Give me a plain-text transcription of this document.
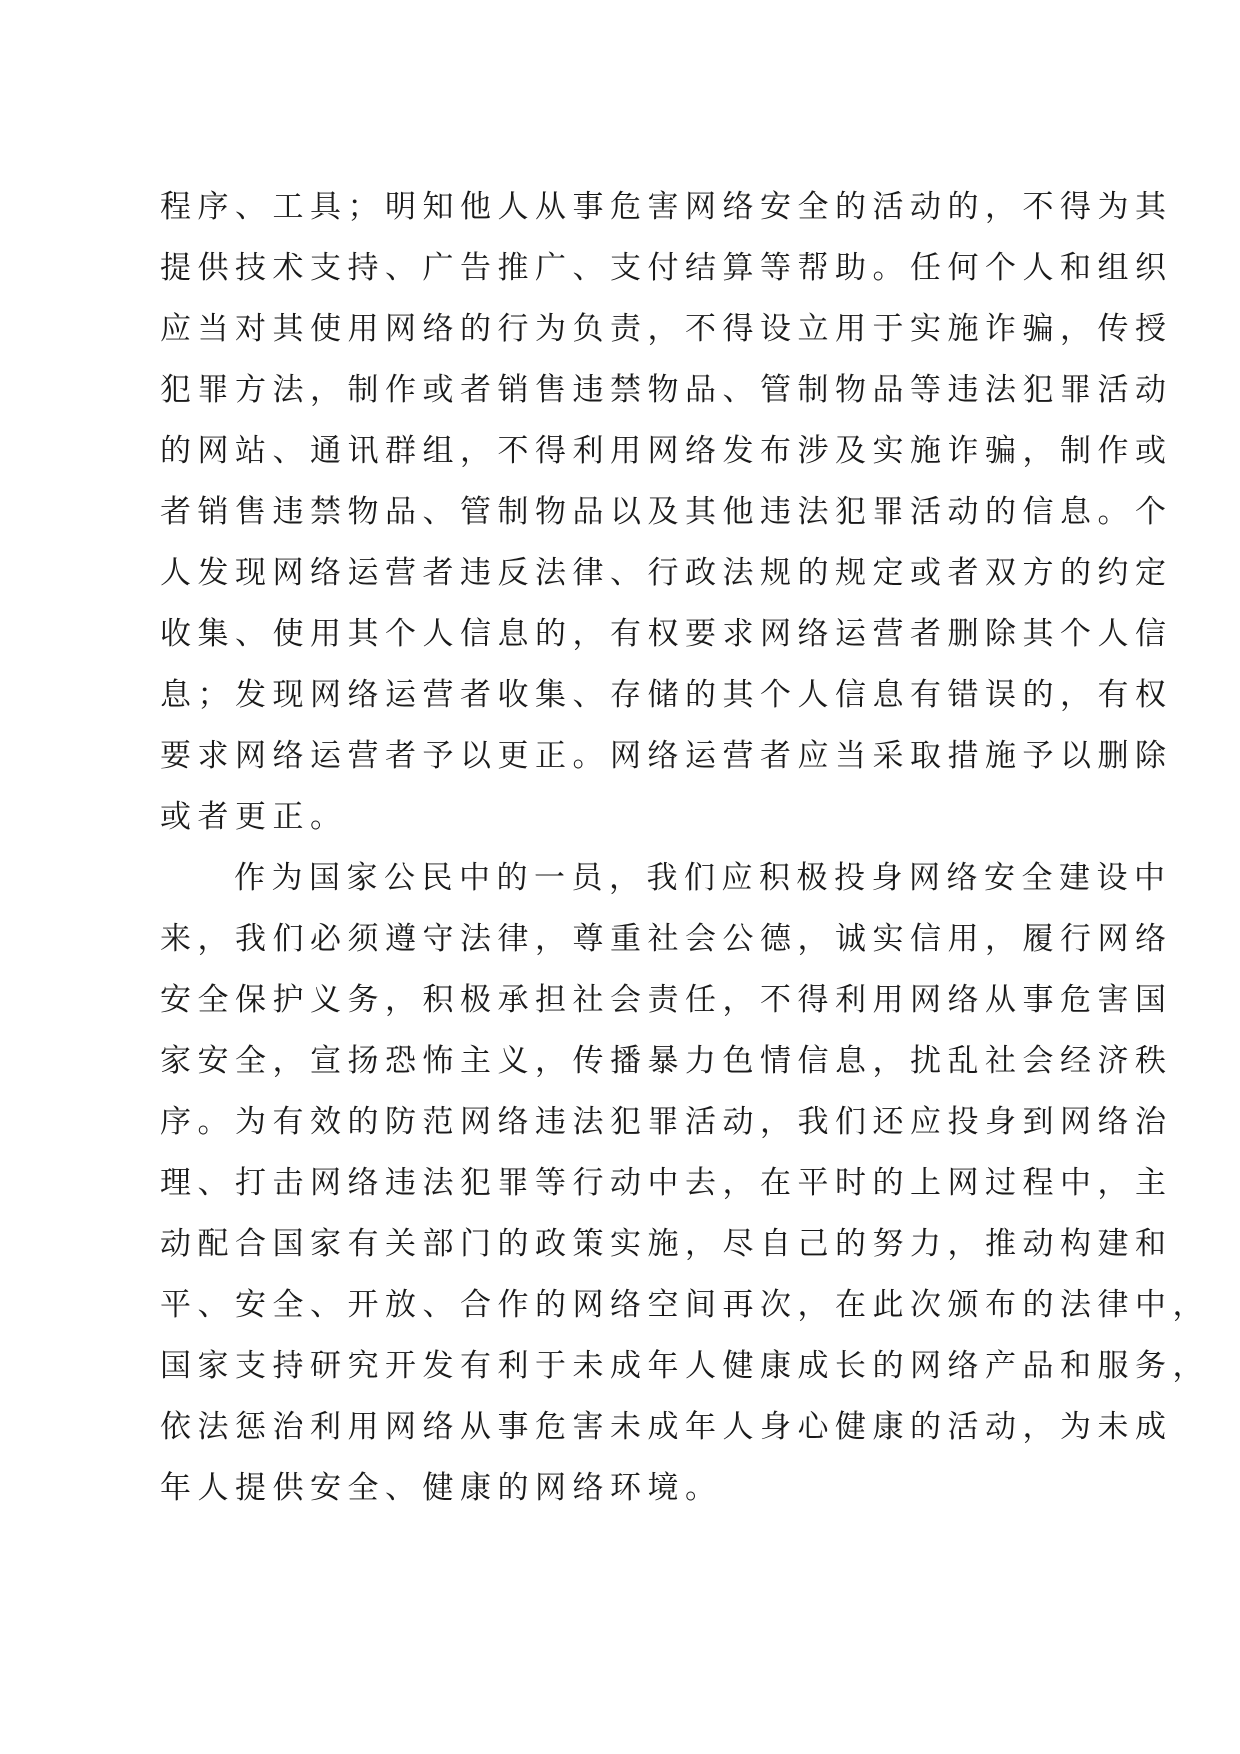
程序、工具；明知他人从事危害网络安全的活动的，不得为其
提供技术支持、广告推广、支付结算等帮助。任何个人和组织
应当对其使用网络的行为负责，不得设立用于实施诈骗，传授
犯罪方法，制作或者销售违禁物品、管制物品等违法犯罪活动
的网站、通讯群组，不得利用网络发布涉及实施诈骗，制作或
者销售违禁物品、管制物品以及其他违法犯罪活动的信息。个
人发现网络运营者违反法律、行政法规的规定或者双方的约定
收集、使用其个人信息的，有权要求网络运营者删除其个人信
息；发现网络运营者收集、存储的其个人信息有错误的，有权
要求网络运营者予以更正。网络运营者应当采取措施予以删除
或者更正。
作为国家公民中的一员，我们应积极投身网络安全建设中
来，我们必须遵守法律，尊重社会公德，诚实信用，履行网络
安全保护义务，积极承担社会责任，不得利用网络从事危害国
家安全，宣扬恐怖主义，传播暴力色情信息，扰乱社会经济秩
序。为有效的防范网络违法犯罪活动，我们还应投身到网络治
理、打击网络违法犯罪等行动中去，在平时的上网过程中，主
动配合国家有关部门的政策实施，尽自己的努力，推动构建和
平、安全、开放、合作的网络空间再次，在此次颁布的法律中，
国家支持研究开发有利于未成年人健康成长的网络产品和服务，
依法惩治利用网络从事危害未成年人身心健康的活动，为未成
年人提供安全、健康的网络环境。
